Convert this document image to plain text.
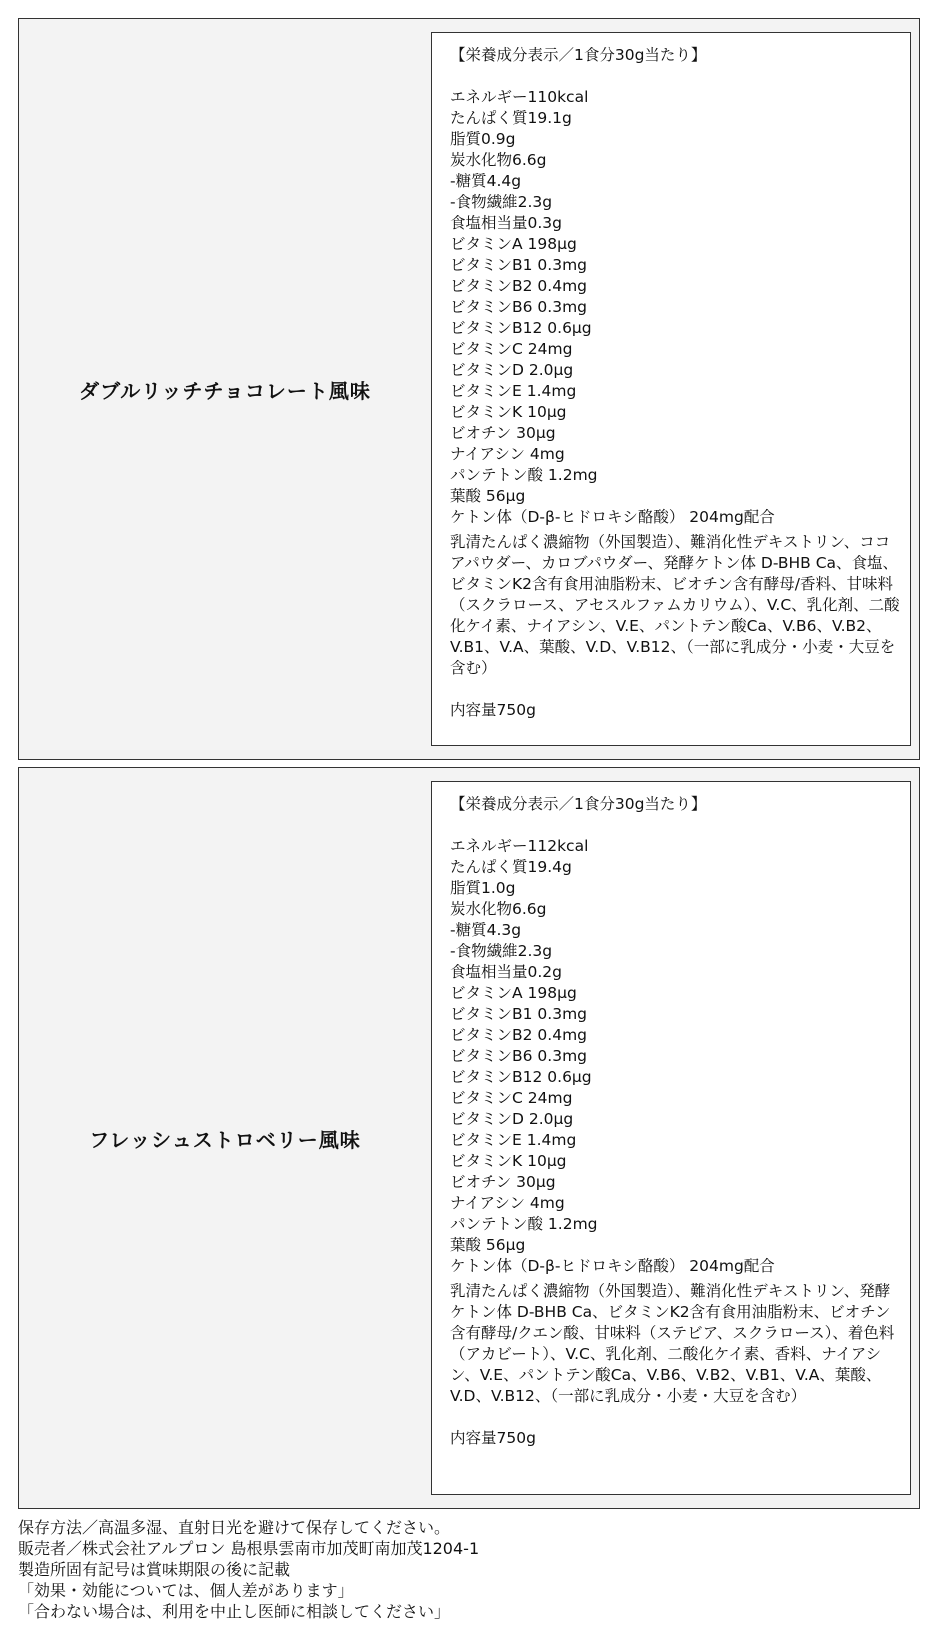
ダブルリッチチョコレート風味
【栄養成分表示／1食分30g当たり】
エネルギー110kcal
たんぱく質19.1g
脂質0.9g
炭水化物6.6g
-糖質4.4g
-食物繊維2.3g
食塩相当量0.3g
ビタミンA 198μg
ビタミンB1 0.3mg
ビタミンB2 0.4mg
ビタミンB6 0.3mg
ビタミンB12 0.6μg
ビタミンC 24mg
ビタミンD 2.0μg
ビタミンE 1.4mg
ビタミンK 10μg
ビオチン 30μg
ナイアシン 4mg
パンテトン酸 1.2mg
葉酸 56μg
ケトン体（D-β-ヒドロキシ酪酸） 204mg配合
乳清たんぱく濃縮物（外国製造）、難消化性デキストリン、ココアパウダー、カロブパウダー、発酵ケトン体 D-BHB Ca、食塩、ビタミンK2含有食用油脂粉末、ビオチン含有酵母/香料、甘味料（スクラロース、アセスルファムカリウム）、V.C、乳化剤、二酸化ケイ素、ナイアシン、V.E、パントテン酸Ca、V.B6、V.B2、V.B1、V.A、葉酸、V.D、V.B12、（一部に乳成分・小麦・大豆を含む）
内容量750g
フレッシュストロベリー風味
【栄養成分表示／1食分30g当たり】
エネルギー112kcal
たんぱく質19.4g
脂質1.0g
炭水化物6.6g
-糖質4.3g
-食物繊維2.3g
食塩相当量0.2g
ビタミンA 198μg
ビタミンB1 0.3mg
ビタミンB2 0.4mg
ビタミンB6 0.3mg
ビタミンB12 0.6μg
ビタミンC 24mg
ビタミンD 2.0μg
ビタミンE 1.4mg
ビタミンK 10μg
ビオチン 30μg
ナイアシン 4mg
パンテトン酸 1.2mg
葉酸 56μg
ケトン体（D-β-ヒドロキシ酪酸） 204mg配合
乳清たんぱく濃縮物（外国製造）、難消化性デキストリン、発酵ケトン体 D-BHB Ca、ビタミンK2含有食用油脂粉末、ビオチン含有酵母/クエン酸、甘味料（ステビア、スクラロース）、着色料（アカビート）、V.C、乳化剤、二酸化ケイ素、香料、ナイアシン、V.E、パントテン酸Ca、V.B6、V.B2、V.B1、V.A、葉酸、V.D、V.B12、（一部に乳成分・小麦・大豆を含む）
内容量750g
保存方法／高温多湿、直射日光を避けて保存してください。
販売者／株式会社アルプロン 島根県雲南市加茂町南加茂1204-1
製造所固有記号は賞味期限の後に記載
「効果・効能については、個人差があります」
「合わない場合は、利用を中止し医師に相談してください」
